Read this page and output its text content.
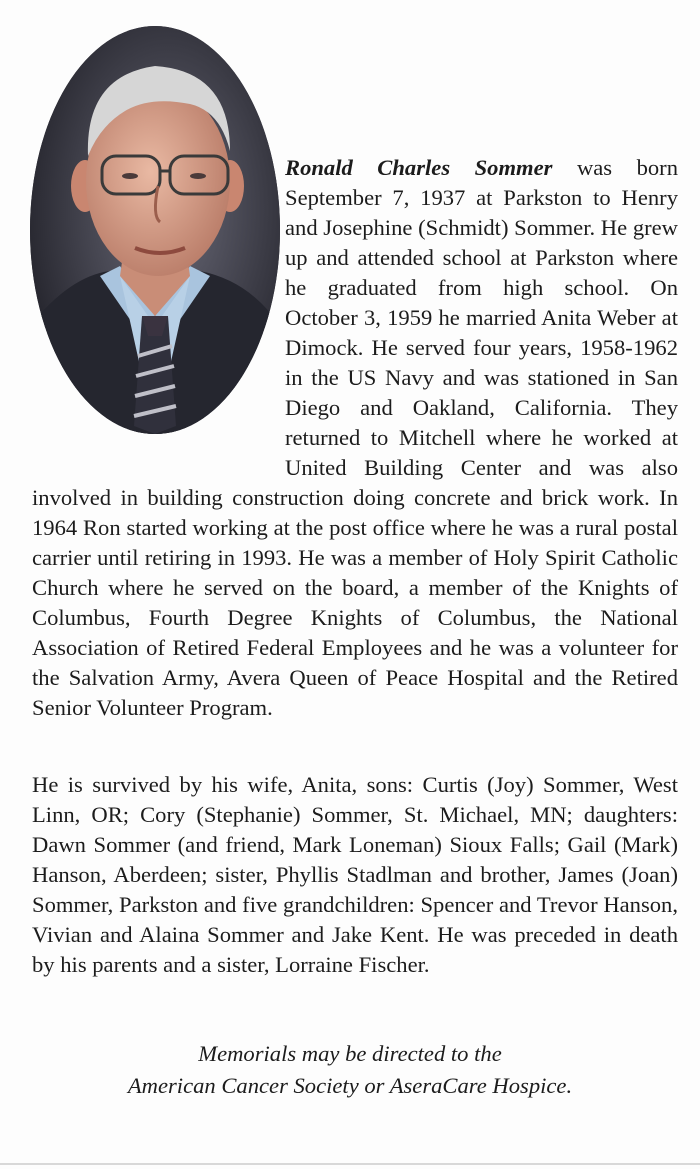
Ronald Charles Sommer was born September 7, 1937 at Parkston to Henry and Josephine (Schmidt) Sommer. He grew up and attended school at Parkston where he graduated from high school. On October 3, 1959 he married Anita Weber at Dimock. He served four years, 1958-1962 in the US Navy and was stationed in San Diego and Oakland, California. They returned to Mitchell where he worked at United Building Center and was also involved in building construction doing concrete and brick work. In 1964 Ron started working at the post office where he was a rural postal carrier until retiring in 1993. He was a member of Holy Spirit Catholic Church where he served on the board, a member of the Knights of Columbus, Fourth Degree Knights of Columbus, the National Association of Retired Federal Employees and he was a volunteer for the Salvation Army, Avera Queen of Peace Hospital and the Retired Senior Volunteer Program.

He is survived by his wife, Anita, sons: Curtis (Joy) Sommer, West Linn, OR; Cory (Stephanie) Sommer, St. Michael, MN; daughters: Dawn Sommer (and friend, Mark Loneman) Sioux Falls; Gail (Mark) Hanson, Aberdeen; sister, Phyllis Stadlman and brother, James (Joan) Sommer, Parkston and five grandchildren: Spencer and Trevor Hanson, Vivian and Alaina Sommer and Jake Kent. He was preceded in death by his parents and a sister, Lorraine Fischer.

Memorials may be directed to the
American Cancer Society or AseraCare Hospice.
